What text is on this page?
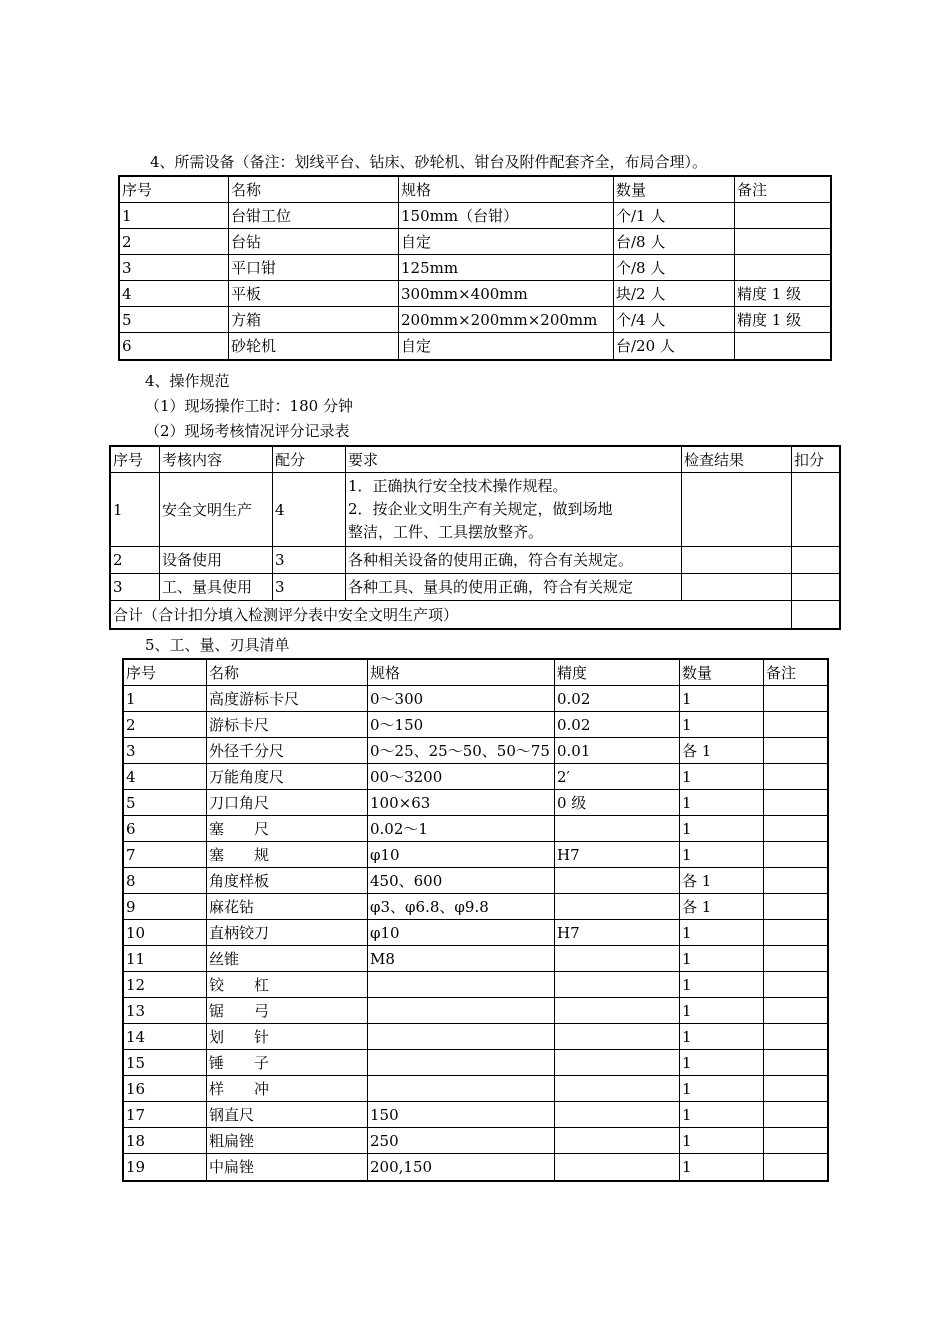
4、所需设备（备注：划线平台、钻床、砂轮机、钳台及附件配套齐全，布局合理）。
序号	名称	规格	数量	备注
1	台钳工位	150mm（台钳）	个/1 人	
2	台钻	自定	台/8 人	
3	平口钳	125mm	个/8 人	
4	平板	300mm×400mm	块/2 人	精度 1 级
5	方箱	200mm×200mm×200mm	个/4 人	精度 1 级
6	砂轮机	自定	台/20 人	
4、操作规范
（1）现场操作工时：180 分钟
（2）现场考核情况评分记录表
序号	考核内容	配分	要求	检查结果	扣分
1	安全文明生产	4	1．正确执行安全技术操作规程。
2．按企业文明生产有关规定，做到场地
整洁，工件、工具摆放整齐。		

2	设备使用	3	各种相关设备的使用正确，符合有关规定。		
3	工、量具使用	3	各种工具、量具的使用正确，符合有关规定		
合计（合计扣分填入检测评分表中安全文明生产项）					
5、工、量、刃具清单
序号	名称	规格	精度	数量	备注
1	高度游标卡尺	0～300	0.02	1	
2	游标卡尺	0～150	0.02	1	
3	外径千分尺	0～25、25～50、50～75	0.01	各 1	
4	万能角度尺	00～3200	2′	1	
5	刀口角尺	100×63	0 级	1	
6	塞　　尺	0.02～1		1	
7	塞　　规	φ10	H7	1	
8	角度样板	450、600		各 1	
9	麻花钻	φ3、φ6.8、φ9.8		各 1	
10	直柄铰刀	φ10	H7	1	
11	丝锥	M8		1	
12	铰　　杠			1	
13	锯　　弓			1	
14	划　　针			1	
15	锤　　子			1	
16	样　　冲			1	
17	钢直尺	150		1	
18	粗扁锉	250		1	
19	中扁锉	200,150		1	
